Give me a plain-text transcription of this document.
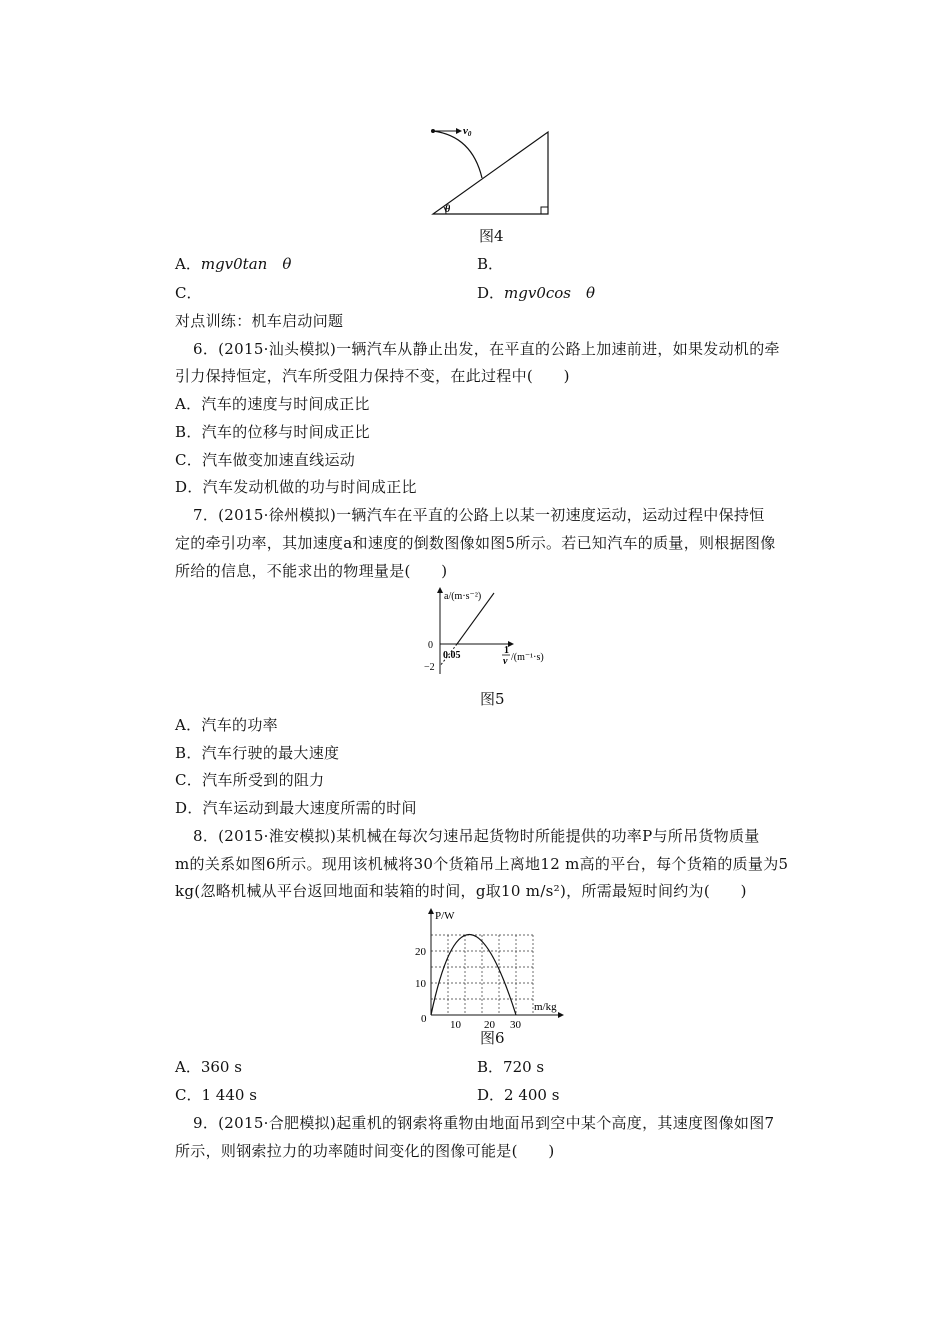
v0
θ
图4
A．mgv0tan　θ	B．
C．	D．mgv0cos　θ
对点训练：机车启动问题
6．(2015·汕头模拟)一辆汽车从静止出发，在平直的公路上加速前进，如果发动机的牵
引力保持恒定，汽车所受阻力保持不变，在此过程中(　　)
A．汽车的速度与时间成正比
B．汽车的位移与时间成正比
C．汽车做变加速直线运动
D．汽车发动机做的功与时间成正比
7．(2015·徐州模拟)一辆汽车在平直的公路上以某一初速度运动，运动过程中保持恒
定的牵引功率，其加速度a和速度的倒数图像如图5所示。若已知汽车的质量，则根据图像
所给的信息，不能求出的物理量是(　　)
a/(m·s⁻²)
0
0.05
−2
1
v /(m⁻¹·s)
图5
A．汽车的功率
B．汽车行驶的最大速度
C．汽车所受到的阻力
D．汽车运动到最大速度所需的时间
8．(2015·淮安模拟)某机械在每次匀速吊起货物时所能提供的功率P与所吊货物质量
m的关系如图6所示。现用该机械将30个货箱吊上离地12 m高的平台，每个货箱的质量为5
kg(忽略机械从平台返回地面和装箱的时间，g取10 m/s²)，所需最短时间约为(　　)
P/W
m/kg
0 10 20 30
10
20
图6
A．360 s	B．720 s
C．1 440 s	D．2 400 s
9．(2015·合肥模拟)起重机的钢索将重物由地面吊到空中某个高度，其速度图像如图7
所示，则钢索拉力的功率随时间变化的图像可能是(　　)
